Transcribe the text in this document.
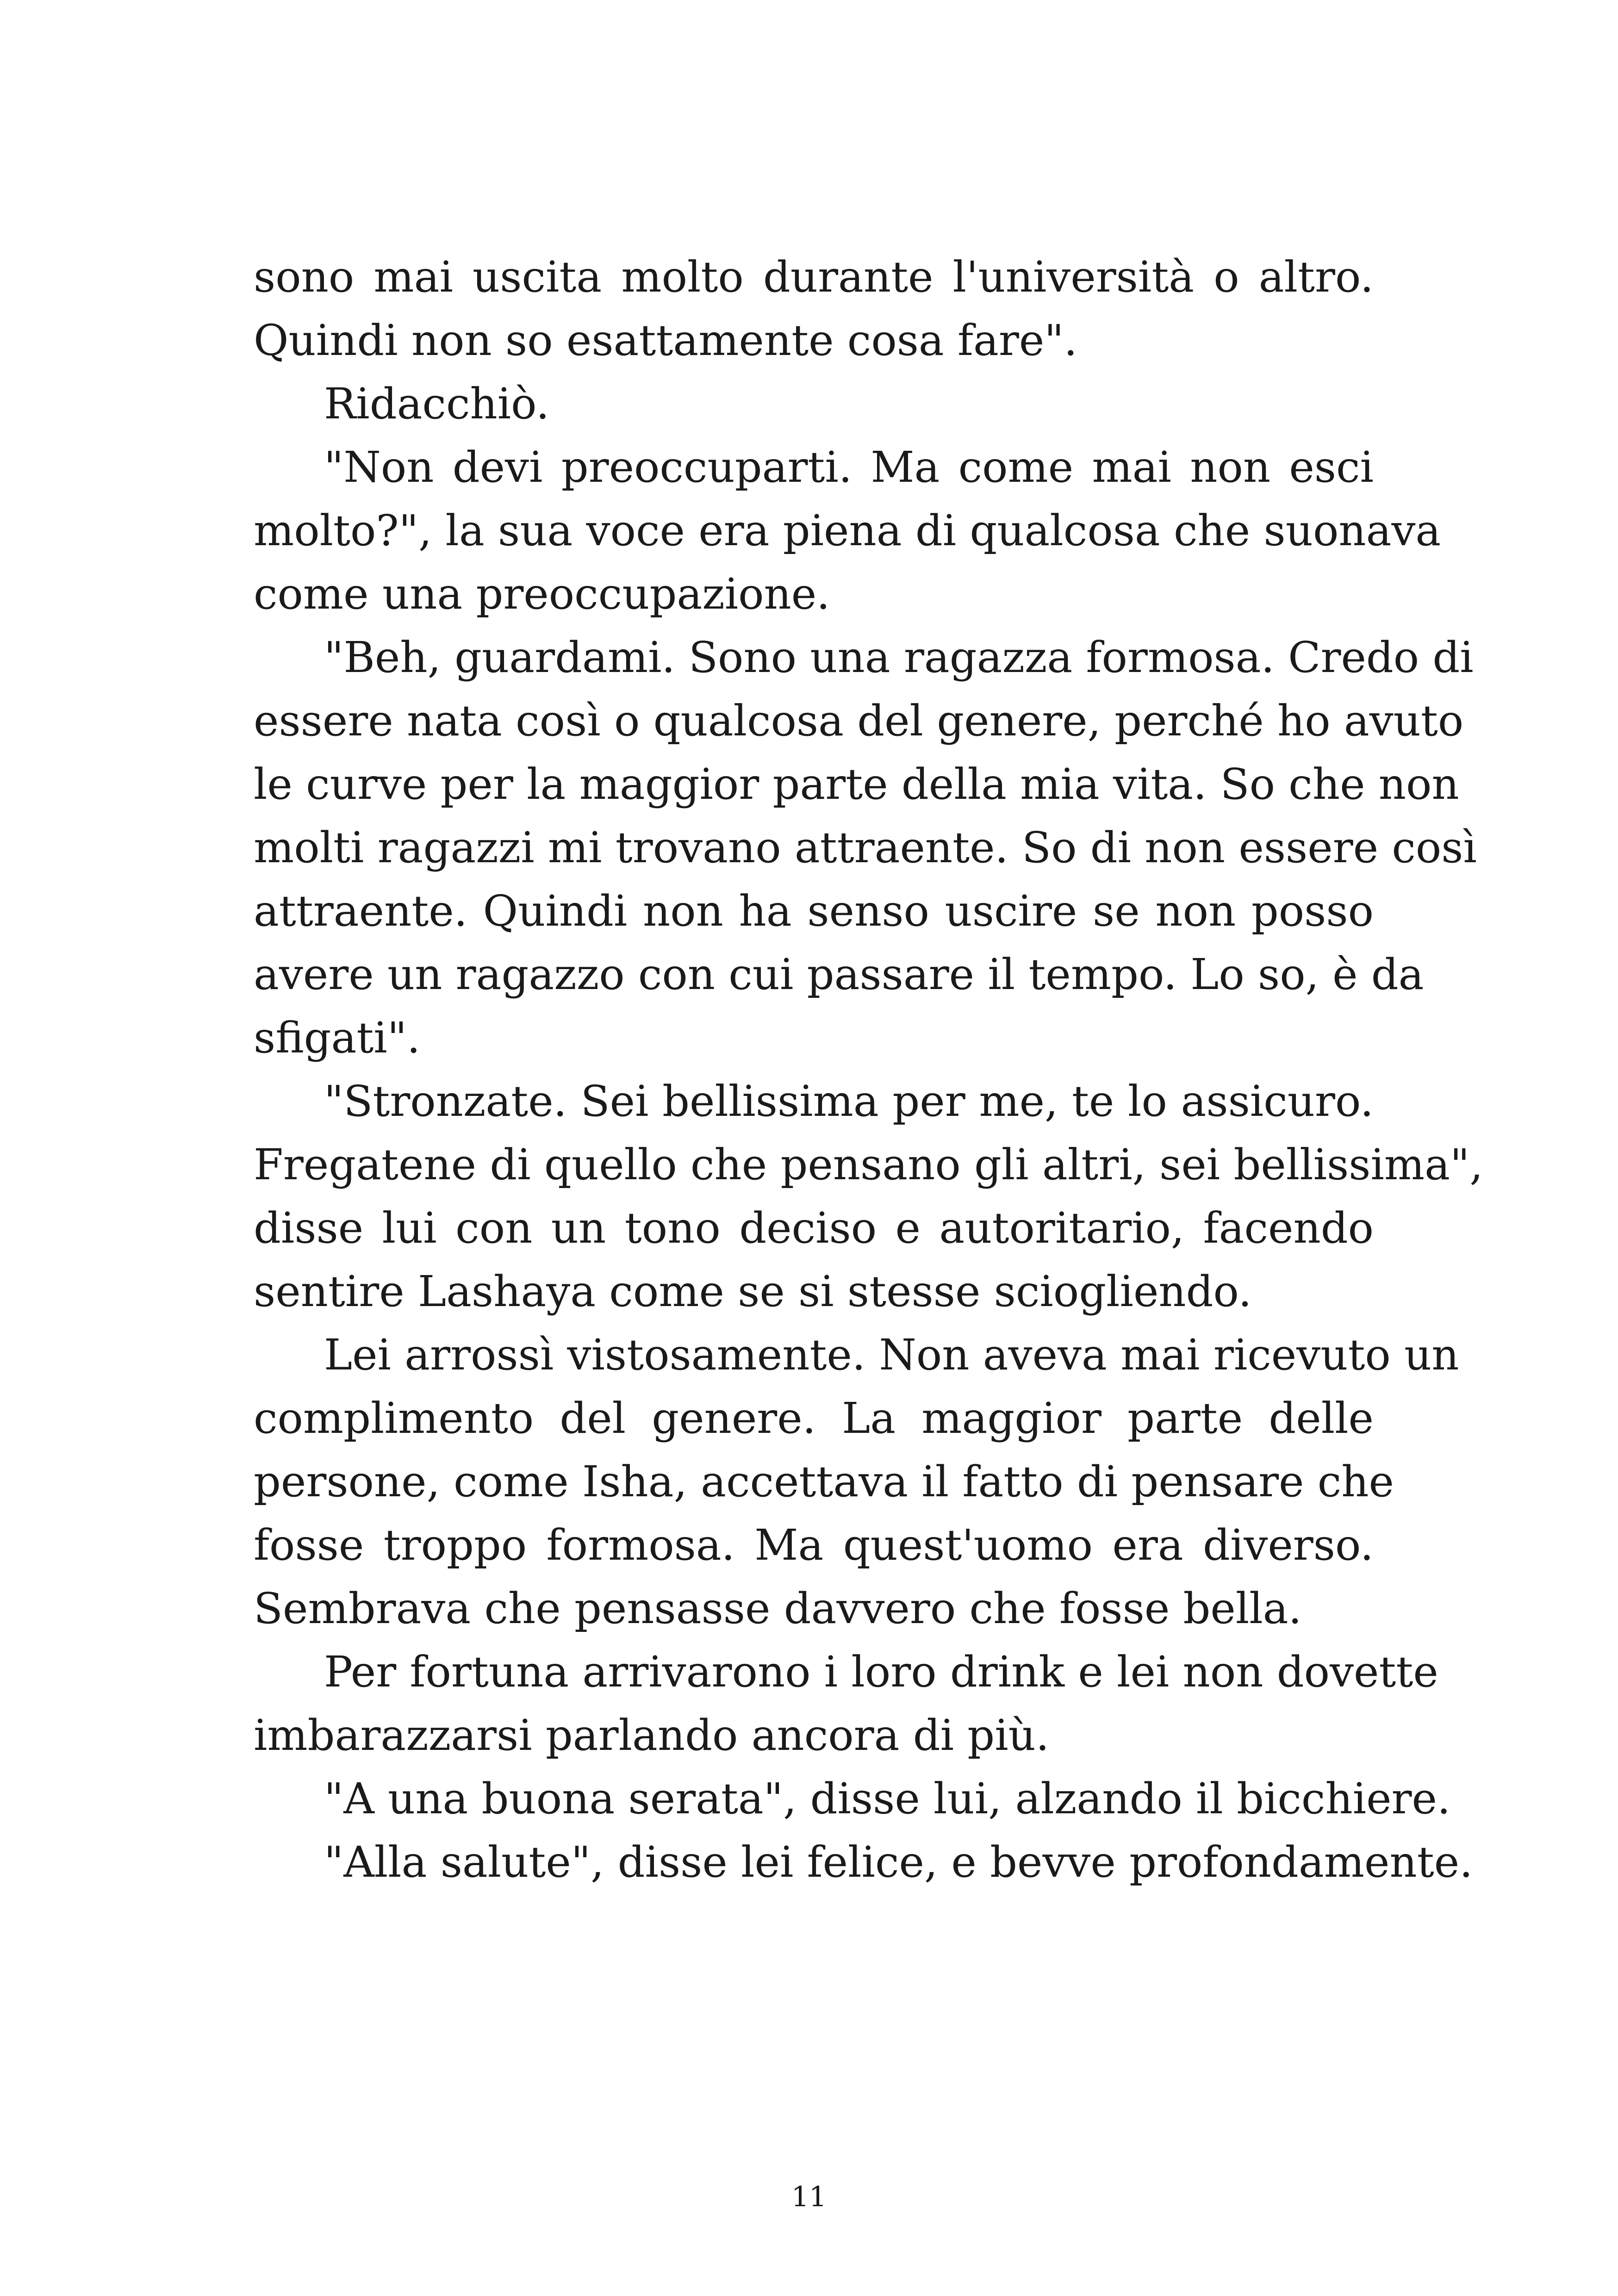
sono mai uscita molto durante l'università o altro.
Quindi non so esattamente cosa fare".
Ridacchiò.
"Non devi preoccuparti. Ma come mai non esci
molto?", la sua voce era piena di qualcosa che suonava
come una preoccupazione.
"Beh, guardami. Sono una ragazza formosa. Credo di
essere nata così o qualcosa del genere, perché ho avuto
le curve per la maggior parte della mia vita. So che non
molti ragazzi mi trovano attraente. So di non essere così
attraente. Quindi non ha senso uscire se non posso
avere un ragazzo con cui passare il tempo. Lo so, è da
sfigati".
"Stronzate. Sei bellissima per me, te lo assicuro.
Fregatene di quello che pensano gli altri, sei bellissima",
disse lui con un tono deciso e autoritario, facendo
sentire Lashaya come se si stesse sciogliendo.
Lei arrossì vistosamente. Non aveva mai ricevuto un
complimento del genere. La maggior parte delle
persone, come Isha, accettava il fatto di pensare che
fosse troppo formosa. Ma quest'uomo era diverso.
Sembrava che pensasse davvero che fosse bella.
Per fortuna arrivarono i loro drink e lei non dovette
imbarazzarsi parlando ancora di più.
"A una buona serata", disse lui, alzando il bicchiere.
"Alla salute", disse lei felice, e bevve profondamente.
11
